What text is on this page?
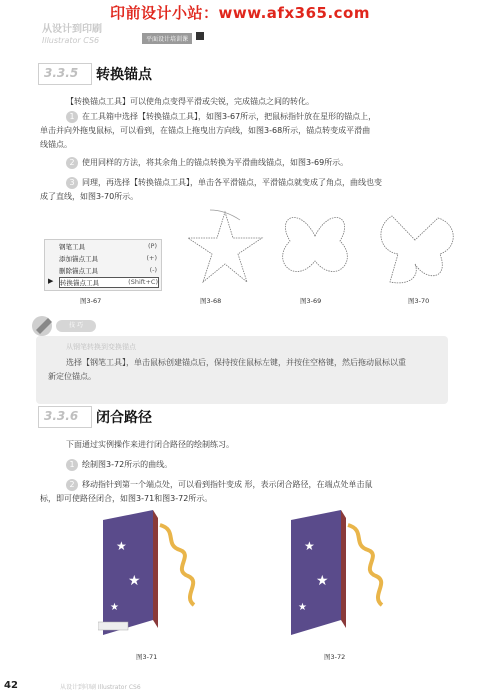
印前设计小站：www.afx365.com
从设计到印刷
Illustrator CS6	平面设计培训课
3.3.5 转换锚点
【转换锚点工具】可以使角点变得平滑或尖锐，完成锚点之间的转化。
1 在工具箱中选择【转换锚点工具】，如图3-67所示，把鼠标指针放在星形的锚点上，
单击并向外拖曳鼠标，可以看到，在锚点上拖曳出方向线，如图3-68所示，锚点转变成平滑曲
线锚点。
2 使用同样的方法，将其余角上的锚点转换为平滑曲线锚点，如图3-69所示。
3 同理，再选择【转换锚点工具】，单击各平滑锚点，平滑锚点就变成了角点，曲线也变
成了直线，如图3-70所示。
钢笔工具	(P)
添加锚点工具	(+)
删除锚点工具	(-)
转换锚点工具	(Shift+C)
▶
图3-67	图3-68	图3-69	图3-70
技 巧
从钢笔转换到变换锚点
选择【钢笔工具】，单击鼠标创建锚点后，保持按住鼠标左键，并按住空格键，然后拖动鼠标以重
新定位锚点。
3.3.6 闭合路径
下面通过实例操作来进行闭合路径的绘制练习。
1 绘制图3-72所示的曲线。
2 移动指针到第一个端点处，可以看到指针变成 形，表示闭合路径，在端点处单击鼠
标，即可使路径闭合，如图3-71和图3-72所示。
★
★
★
图3-71
★
★
★
图3-72
42	从设计到印刷 Illustrator CS6
